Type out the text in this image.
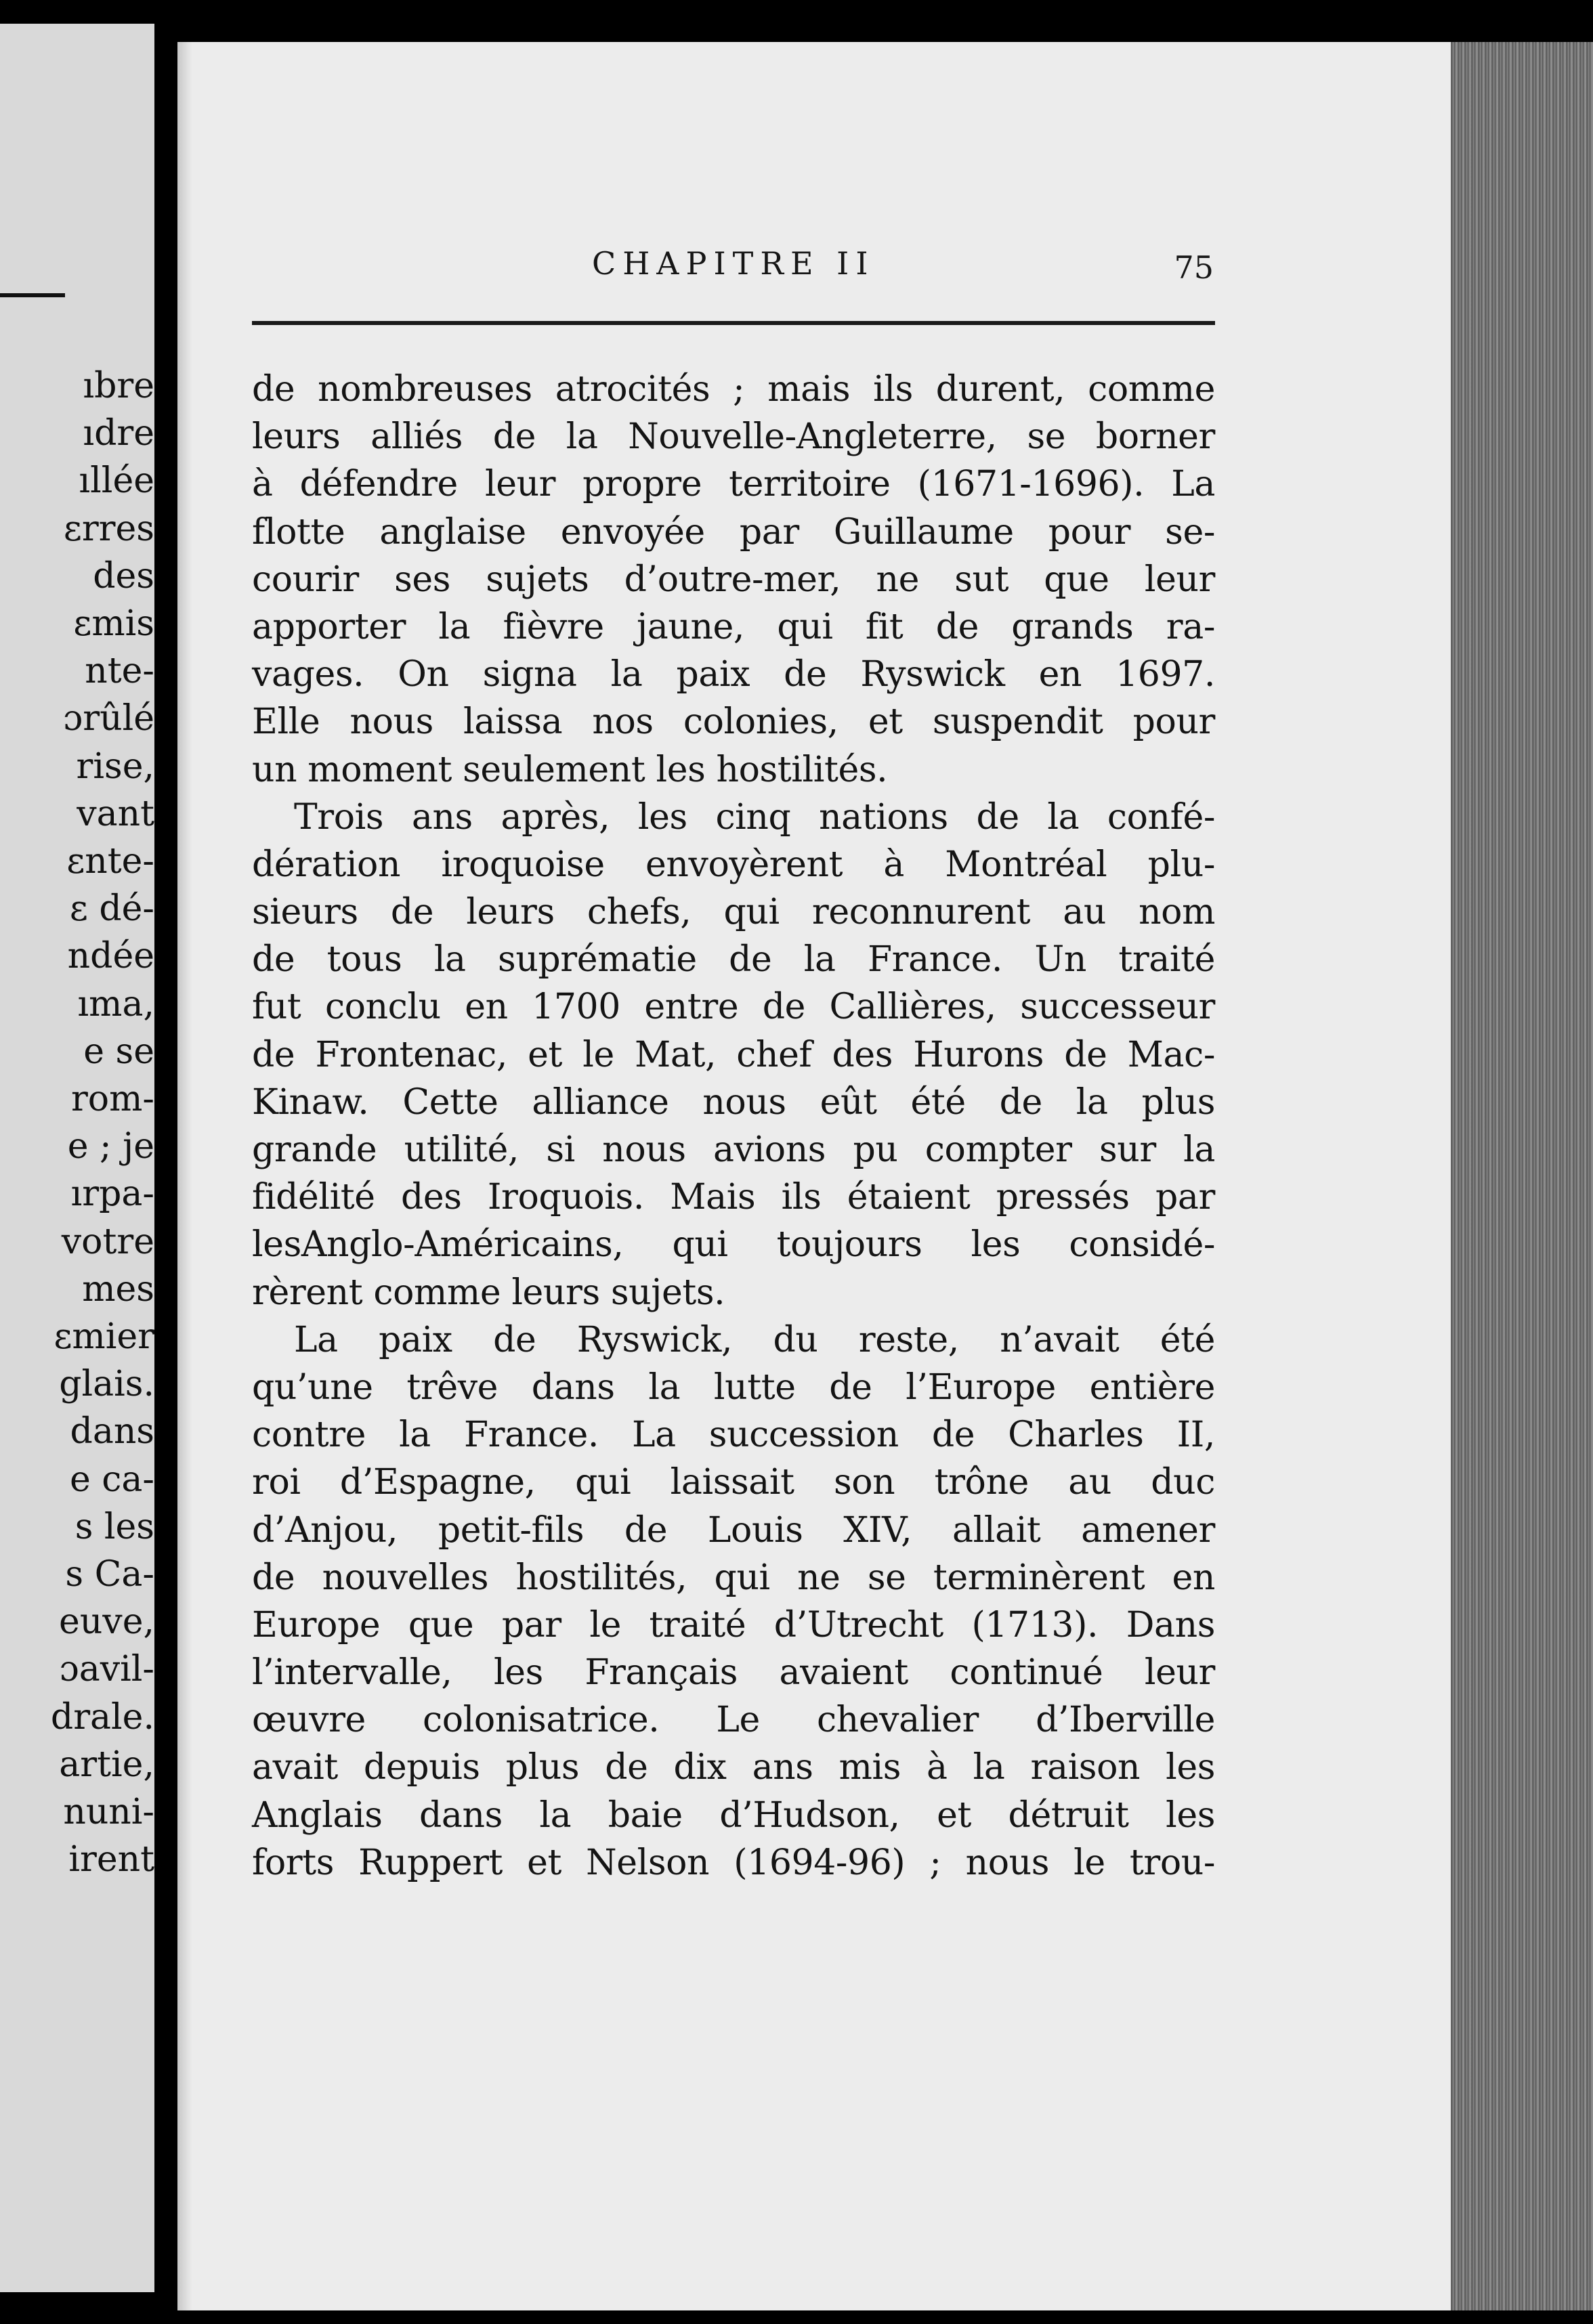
ıbre
ıdre
ıllée
ɛrres
des
ɛmis
nte-
ɔrûlé
rise,
vant
ɛnte-
ɛ dé-
ndée
ıma,
e se
rom-
e ; je
ırpa-
votre
mes
ɛmier
glais.
dans
e ca-
s les
s Ca-
euve,
ɔavil-
drale.
artie,
nuni-
irent
CHAPITRE II	75
de nombreuses atrocités ; mais ils durent, comme
leurs alliés de la Nouvelle-Angleterre, se borner
à défendre leur propre territoire (1671-1696). La
flotte anglaise envoyée par Guillaume pour se-
courir ses sujets d’outre-mer, ne sut que leur
apporter la fièvre jaune, qui fit de grands ra-
vages. On signa la paix de Ryswick en 1697.
Elle nous laissa nos colonies, et suspendit pour
un moment seulement les hostilités.
Trois ans après, les cinq nations de la confé-
dération iroquoise envoyèrent à Montréal plu-
sieurs de leurs chefs, qui reconnurent au nom
de tous la suprématie de la France. Un traité
fut conclu en 1700 entre de Callières, successeur
de Frontenac, et le Mat, chef des Hurons de Mac-
Kinaw. Cette alliance nous eût été de la plus
grande utilité, si nous avions pu compter sur la
fidélité des Iroquois. Mais ils étaient pressés par
lesAnglo-Américains, qui toujours les considé-
rèrent comme leurs sujets.
La paix de Ryswick, du reste, n’avait été
qu’une trêve dans la lutte de l’Europe entière
contre la France. La succession de Charles II,
roi d’Espagne, qui laissait son trône au duc
d’Anjou, petit-fils de Louis XIV, allait amener
de nouvelles hostilités, qui ne se terminèrent en
Europe que par le traité d’Utrecht (1713). Dans
l’intervalle, les Français avaient continué leur
œuvre colonisatrice. Le chevalier d’Iberville
avait depuis plus de dix ans mis à la raison les
Anglais dans la baie d’Hudson, et détruit les
forts Ruppert et Nelson (1694-96) ; nous le trou-
